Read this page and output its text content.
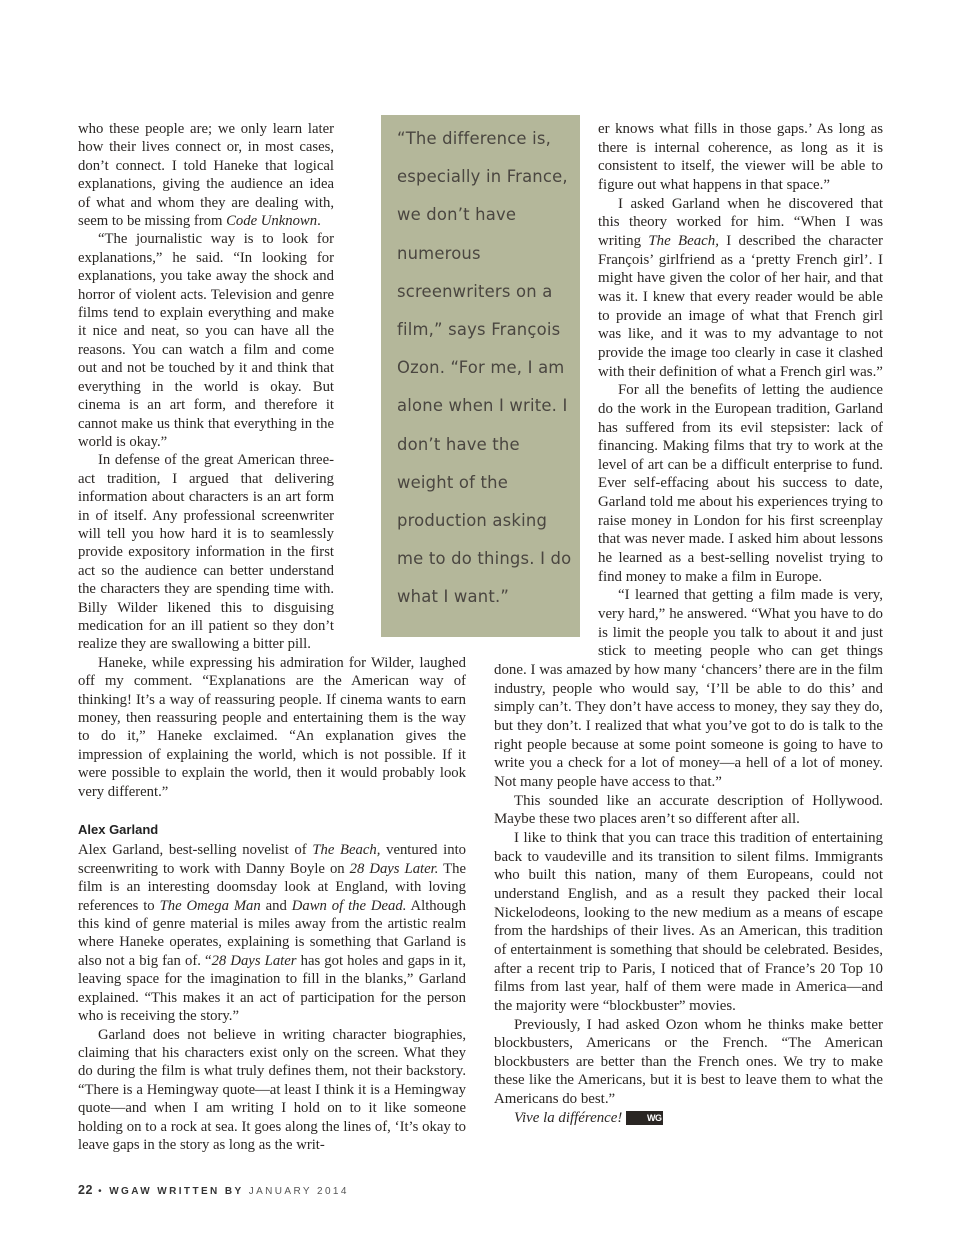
“The difference is, especially in France, we don’t have numerous screenwriters on a film,” says François Ozon. “For me, I am alone when I write. I don’t have the weight of the production asking me to do things. I do what I want.”

who these people are; we only learn later how their lives connect or, in most cases, don’t connect. I told Haneke that logical explanations, giving the audience an idea of what and whom they are dealing with, seem to be missing from Code Unknown.

“The journalistic way is to look for explanations,” he said. “In looking for explanations, you take away the shock and horror of violent acts. Television and genre films tend to explain everything and make it nice and neat, so you can have all the reasons. You can watch a film and come out and not be touched by it and think that everything in the world is okay. But cinema is an art form, and therefore it cannot make us think that everything in the world is okay.”

In defense of the great American three-act tradition, I argued that delivering information about characters is an art form in of itself. Any professional screenwriter will tell you how hard it is to seamlessly provide expository information in the first act so the audience can better understand the characters they are spending time with. Billy Wilder likened this to disguising medication for an ill patient so they don’t realize they are swallowing a bitter pill.

Haneke, while expressing his admiration for Wilder, laughed off my comment. “Explanations are the American way of thinking! It’s a way of reassuring people. If cinema wants to earn money, then reassuring people and entertaining them is the way to do it,” Haneke exclaimed. “An explanation gives the impression of explaining the world, which is not possible. If it were possible to explain the world, then it would probably look very different.”

Alex Garland

Alex Garland, best-selling novelist of The Beach, ventured into screenwriting to work with Danny Boyle on 28 Days Later. The film is an interesting doomsday look at England, with loving references to The Omega Man and Dawn of the Dead. Although this kind of genre material is miles away from the artistic realm where Haneke operates, explaining is something that Garland is also not a big fan of. “28 Days Later has got holes and gaps in it, leaving space for the imagination to fill in the blanks,” Garland explained. “This makes it an act of participation for the person who is receiving the story.”

Garland does not believe in writing character biographies, claiming that his characters exist only on the screen. What they do during the film is what truly defines them, not their backstory. “There is a Hemingway quote—at least I think it is a Hemingway quote—and when I am writing I hold on to it like someone holding on to a rock at sea. It goes along the lines of, ‘It’s okay to leave gaps in the story as long as the writ-

er knows what fills in those gaps.’ As long as there is internal coherence, as long as it is consistent to itself, the viewer will be able to figure out what happens in that space.”

I asked Garland when he discovered that this theory worked for him. “When I was writing The Beach, I described the character François’ girlfriend as a ‘pretty French girl’. I might have given the color of her hair, and that was it. I knew that every reader would be able to provide an image of what that French girl was like, and it was to my advantage to not provide the image too clearly in case it clashed with their definition of what a French girl was.”

For all the benefits of letting the audience do the work in the European tradition, Garland has suffered from its evil stepsister: lack of financing. Making films that try to work at the level of art can be a difficult enterprise to fund. Ever self-effacing about his success to date, Garland told me about his experiences trying to raise money in London for his first screenplay that was never made. I asked him about lessons he learned as a best-selling novelist trying to find money to make a film in Europe.

“I learned that getting a film made is very, very hard,” he answered. “What you have to do is limit the people you talk to about it and just stick to meeting people who can get things done. I was amazed by how many ‘chancers’ there are in the film industry, people who would say, ‘I’ll be able to do this’ and simply can’t. They don’t have access to money, they say they do, but they don’t. I realized that what you’ve got to do is talk to the right people because at some point someone is going to have to write you a check for a lot of money—a hell of a lot of money. Not many people have access to that.”

This sounded like an accurate description of Hollywood. Maybe these two places aren’t so different after all.

I like to think that you can trace this tradition of entertaining back to vaudeville and its transition to silent films. Immigrants who built this nation, many of them Europeans, could not understand English, and as a result they packed their local Nickelodeons, looking to the new medium as a means of escape from the hardships of their lives. As an American, this tradition of entertainment is something that should be celebrated. Besides, after a recent trip to Paris, I noticed that of France’s 20 Top 10 films from last year, half of them were made in America—and the majority were “blockbuster” movies.

Previously, I had asked Ozon whom he thinks make better blockbusters, Americans or the French. “The American blockbusters are better than the French ones. We try to make these like the Americans, but it is best to leave them to what the Americans do best.”

Vive la différence!	WG

22 • WGAW WRITTEN BY JANUARY 2014
